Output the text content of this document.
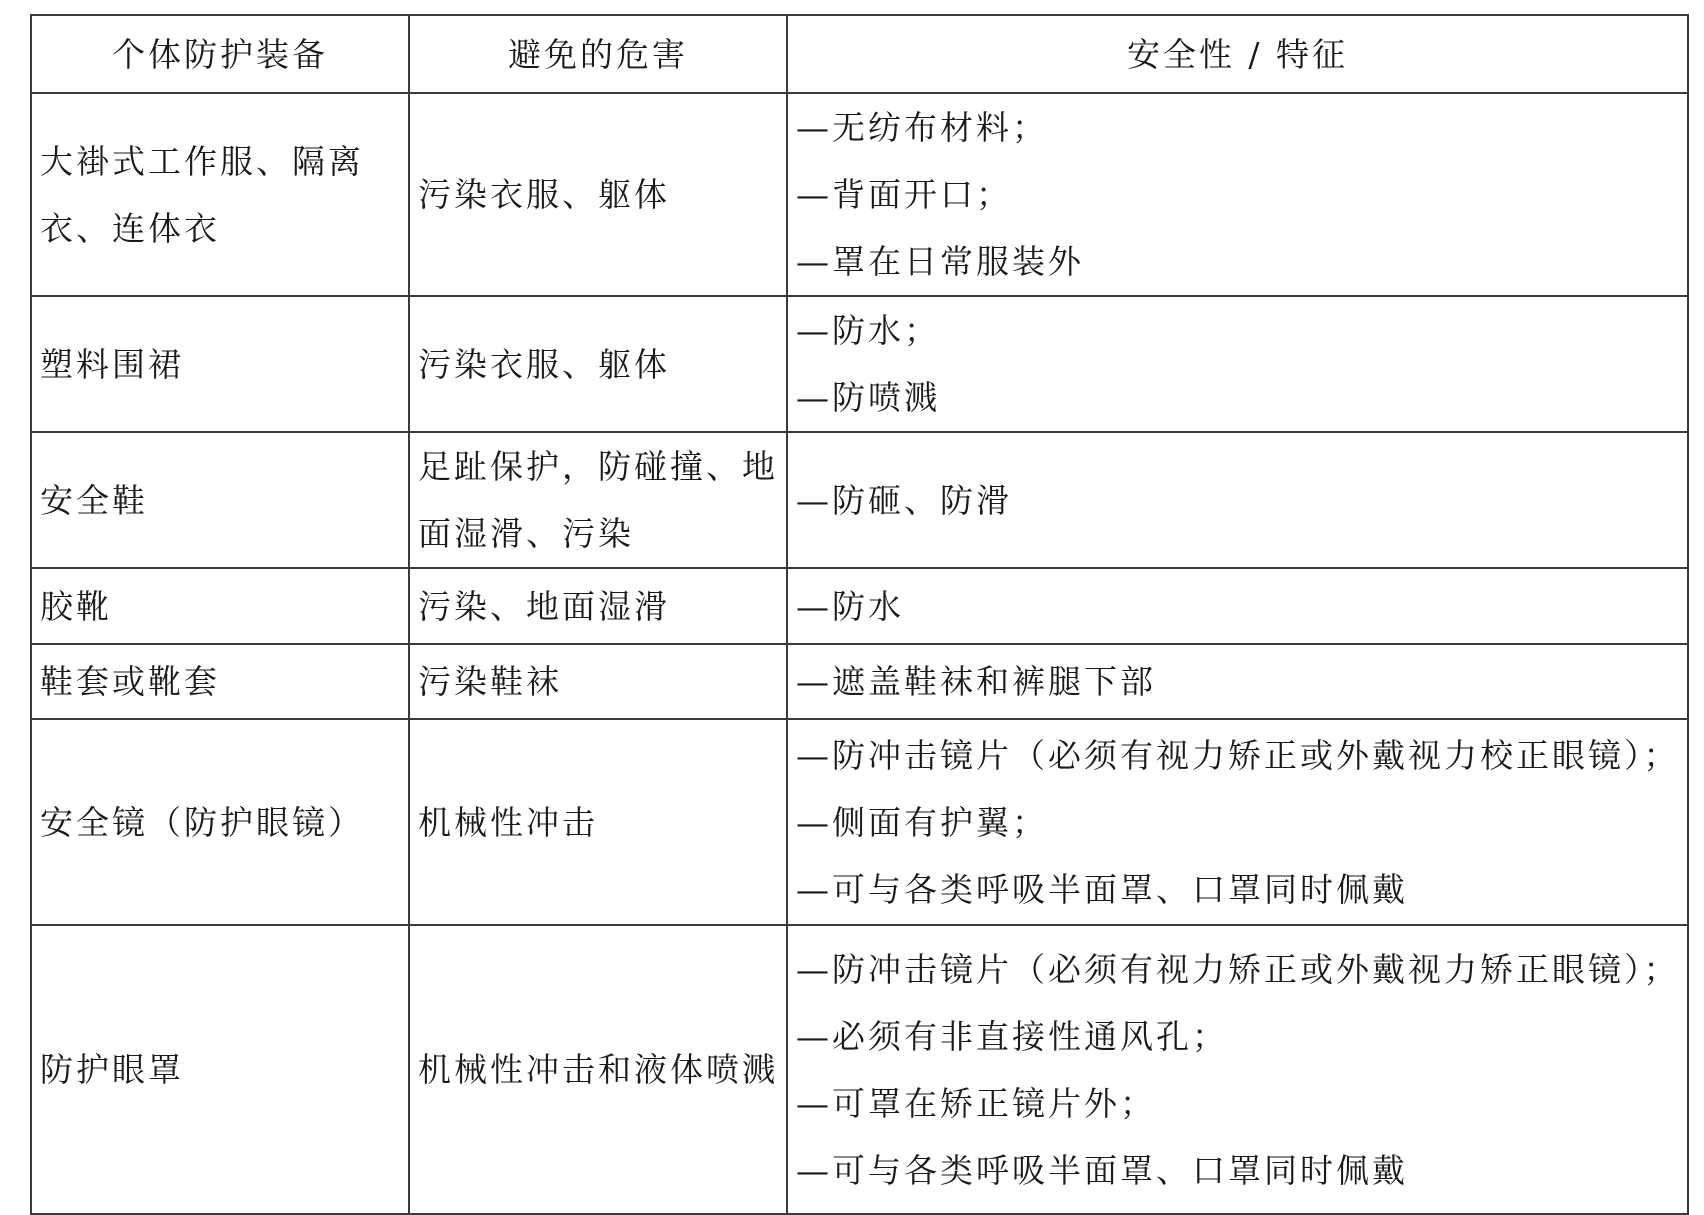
个体防护装备	避免的危害	安全性 / 特征
大褂式工作服、隔离衣、连体衣	污染衣服、躯体	—无纺布材料；
—背面开口；
—罩在日常服装外

塑料围裙	污染衣服、躯体	—防水；
—防喷溅

安全鞋	足趾保护，防碰撞、地面湿滑、污染	—防砸、防滑

胶靴	污染、地面湿滑	—防水

鞋套或靴套	污染鞋袜	—遮盖鞋袜和裤腿下部

安全镜（防护眼镜）	机械性冲击	—防冲击镜片（必须有视力矫正或外戴视力校正眼镜）；
—侧面有护翼；
—可与各类呼吸半面罩、口罩同时佩戴

防护眼罩	机械性冲击和液体喷溅	—防冲击镜片（必须有视力矫正或外戴视力矫正眼镜）；
—必须有非直接性通风孔；
—可罩在矫正镜片外；
—可与各类呼吸半面罩、口罩同时佩戴
